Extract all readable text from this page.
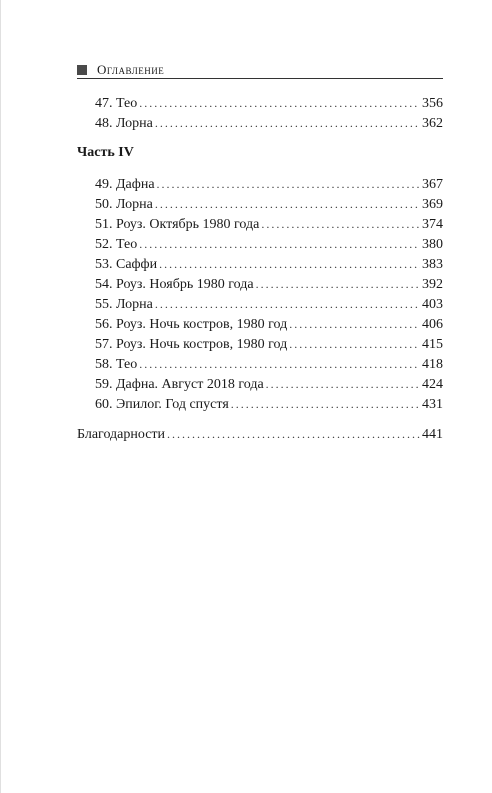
Оглавление
47. Тео .....	356
48. Лорна .....	362
Часть IV
49. Дафна .....	367
50. Лорна .....	369
51. Роуз. Октябрь 1980 года .....	374
52. Тео .....	380
53. Саффи .....	383
54. Роуз. Ноябрь 1980 года .....	392
55. Лорна .....	403
56. Роуз. Ночь костров, 1980 год .....	406
57. Роуз. Ночь костров, 1980 год .....	415
58. Тео .....	418
59. Дафна. Август 2018 года .....	424
60. Эпилог. Год спустя .....	431
Благодарности .....	441
